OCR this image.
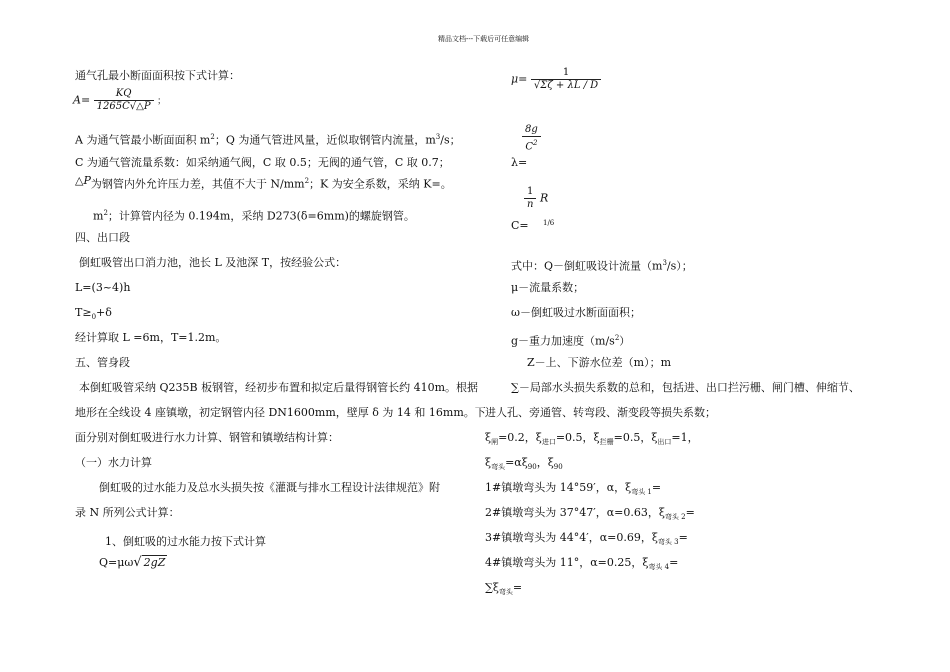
精品文档---下载后可任意编辑
通气孔最小断面面积按下式计算：
$A= \frac{KQ}{1265C√\triangle P}$ ；
A 为通气管最小断面面积 $m^2$；Q 为通气管进风量，近似取钢管内流量，$m^3/s$；
C 为通气管流量系数：如采纳通气阀，C 取 0.5；无阀的通气管，C 取 0.7；
△P为钢管内外允许压力差，其值不大于 $N/mm^2$；K 为安全系数，采纳 K=。
$m^2$；计算管内径为 0.194m，采纳 D273(δ=6mm)的螺旋钢管。
四、出口段
倒虹吸管出口消力池，池长 L 及池深 T，按经验公式：
L=(3~4)h
$T\ge_0+\delta$
经计算取 L =6m，T=1.2m。
五、管身段
本倒虹吸管采纳 Q235B 板钢管，经初步布置和拟定后量得钢管长约 410m。根据
地形在全线设 4 座镇墩，初定钢管内径 DN1600mm，壁厚 δ 为 14 和 16mm。下
面分别对倒虹吸进行水力计算、钢管和镇墩结构计算：
（一）水力计算
倒虹吸的过水能力及总水头损失按《灌溉与排水工程设计法律规范》附
录 N 所列公式计算：
1、倒虹吸的过水能力按下式计算
Q=μω√ 2gZ
$\mu= \frac{1}{√\Sigma\zeta + \lambda L / D}$
$\frac{8g}{C^2}$
λ=
$\frac{1}{n}$ R
C= 1/6
式中：Q－倒虹吸设计流量$(m^3/s)$；
μ－流量系数；
ω－倒虹吸过水断面面积；
g－重力加速度$(m/s^2)$
Z－上、下游水位差（m）；m
∑－局部水头损失系数的总和，包括进、出口拦污栅、闸门槽、伸缩节、
进人孔、旁通管、转弯段、渐变段等损失系数；
$\xi_闸=0.2$，$\xi_{进口}=0.5$，$\xi_{拦栅}=0.5$，$\xi_{出口}=1$，
$\xi_{弯头}=\alpha\xi_{90}$，$\xi_{90}$
1#镇墩弯头为 14°59′，α，$\xi_{弯头 1}=$
2#镇墩弯头为 37°47′，α=0.63，$\xi_{弯头 2}=$
3#镇墩弯头为 44°4′，α=0.69，$\xi_{弯头 3}=$
4#镇墩弯头为 11°，α=0.25，$\xi_{弯头 4}=$
$\sum\xi_{弯头}=$
